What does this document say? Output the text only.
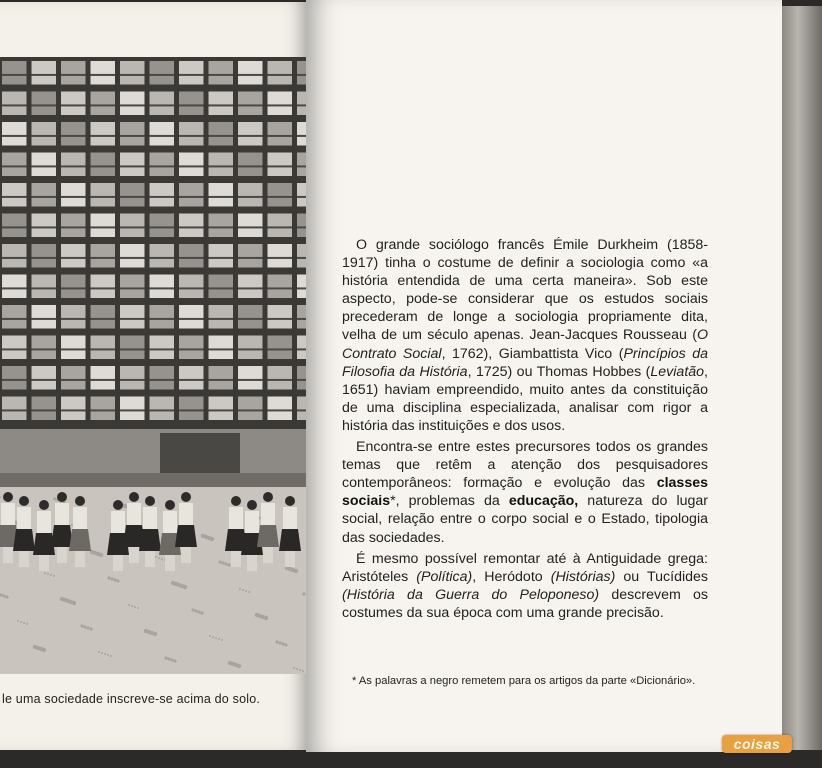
le uma sociedade inscreve-se acima do solo.

O grande sociólogo francês Émile Durkheim (1858-1917) tinha o costume de definir a sociologia como «a história entendida de uma certa maneira». Sob este aspecto, pode-se considerar que os estudos sociais precederam de longe a sociologia propriamente dita, velha de um século apenas. Jean-Jacques Rousseau (O Contrato Social, 1762), Giambattista Vico (Princípios da Filosofia da História, 1725) ou Thomas Hobbes (Leviatão, 1651) haviam empreendido, muito antes da constituição de uma disciplina especializada, analisar com rigor a história das instituições e dos usos.

Encontra-se entre estes precursores todos os grandes temas que retêm a atenção dos pesquisadores contemporâneos: formação e evolução das classes sociais*, problemas da educação, natureza do lugar social, relação entre o corpo social e o Estado, tipologia das sociedades.

É mesmo possível remontar até à Antiguidade grega: Aristóteles (Política), Heródoto (Histórias) ou Tucídides (História da Guerra do Peloponeso) descrevem os costumes da sua época com uma grande precisão.

* As palavras a negro remetem para os artigos da parte «Dicionário».
coisas
